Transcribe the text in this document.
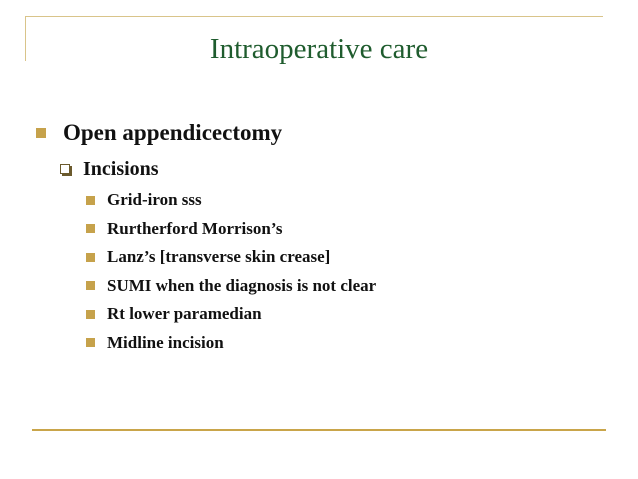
Intraoperative care
Open appendicectomy
Incisions
Grid-iron sss
Rurtherford Morrison’s
Lanz’s [transverse skin crease]
SUMI when the diagnosis is not clear
Rt lower paramedian
Midline incision
